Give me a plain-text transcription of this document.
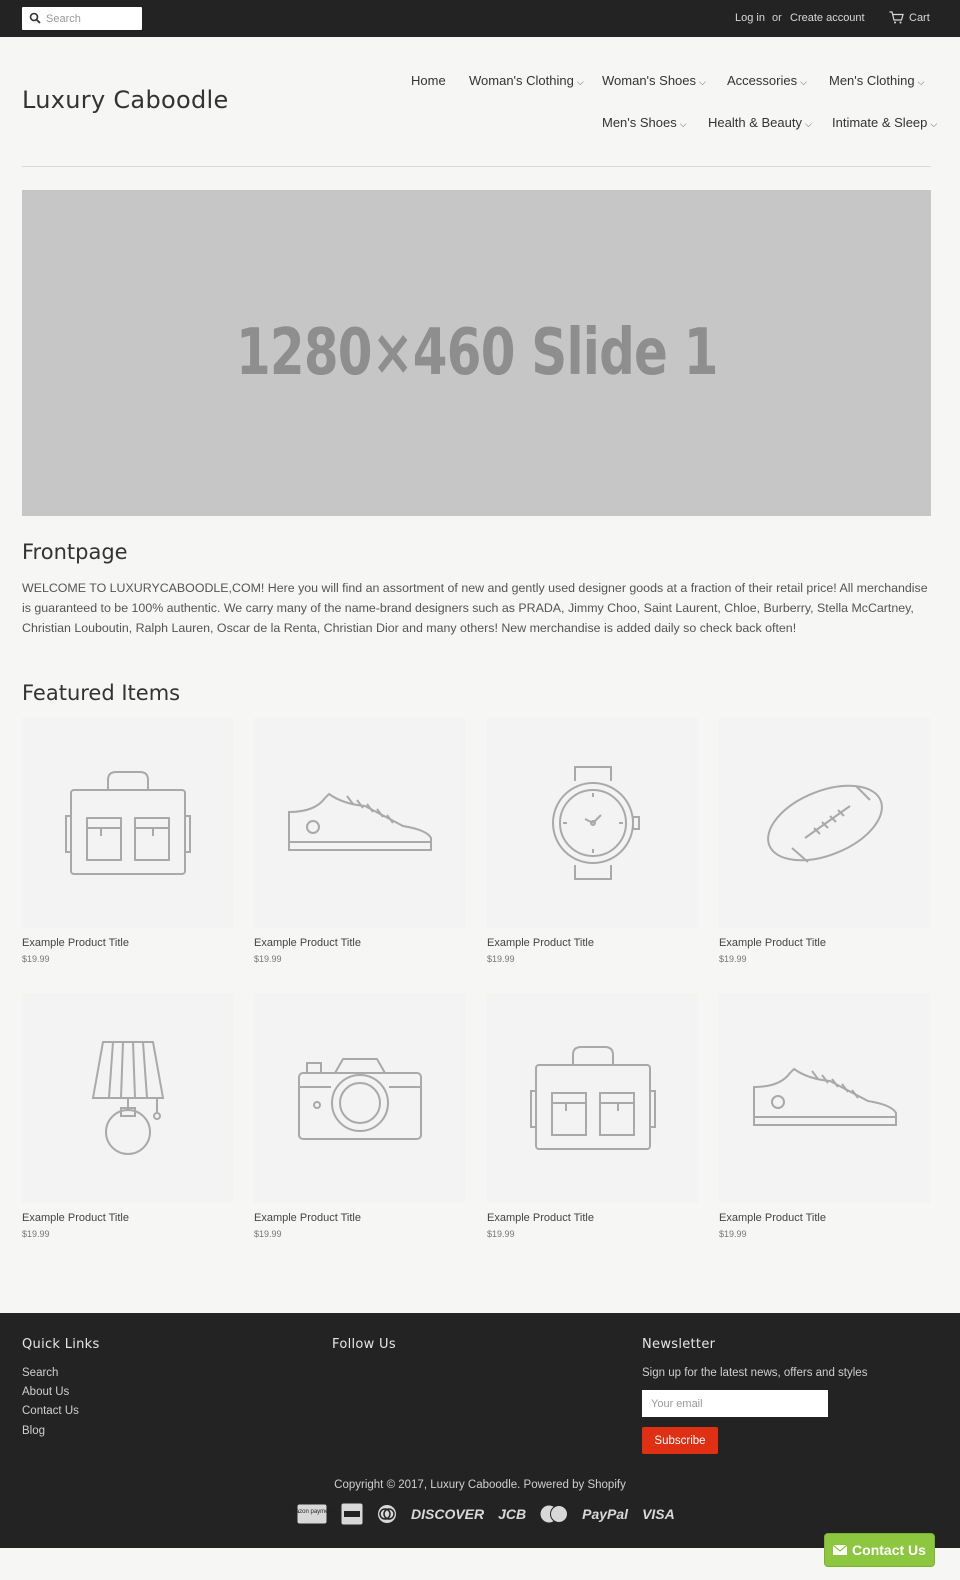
Search
Log in or Create account	Cart
Luxury Caboodle
Home Woman's Clothing ⌵ Woman's Shoes ⌵ Accessories ⌵ Men's Clothing ⌵
Men's Shoes ⌵ Health & Beauty ⌵ Intimate & Sleep ⌵
1280×460 Slide 1
Frontpage
WELCOME TO LUXURYCABOODLE,COM! Here you will find an assortment of new and gently used designer goods at a fraction of their retail price! All merchandise is guaranteed to be 100% authentic. We carry many of the name-brand designers such as PRADA, Jimmy Choo, Saint Laurent, Chloe, Burberry, Stella McCartney, Christian Louboutin, Ralph Lauren, Oscar de la Renta, Christian Dior and many others! New merchandise is added daily so check back often!
Featured Items
Example Product Title
$19.99
Example Product Title
$19.99
Example Product Title
$19.99
Example Product Title
$19.99
Example Product Title
$19.99
Example Product Title
$19.99
Example Product Title
$19.99
Example Product Title
$19.99
Quick Links
Search
About Us
Contact Us
Blog
Follow Us	Newsletter
Sign up for the latest news, offers and styles
Your email
Subscribe
Copyright © 2017, Luxury Caboodle. Powered by Shopify
amazon payments	DISCOVER JCB	PayPal VISA
Contact Us
